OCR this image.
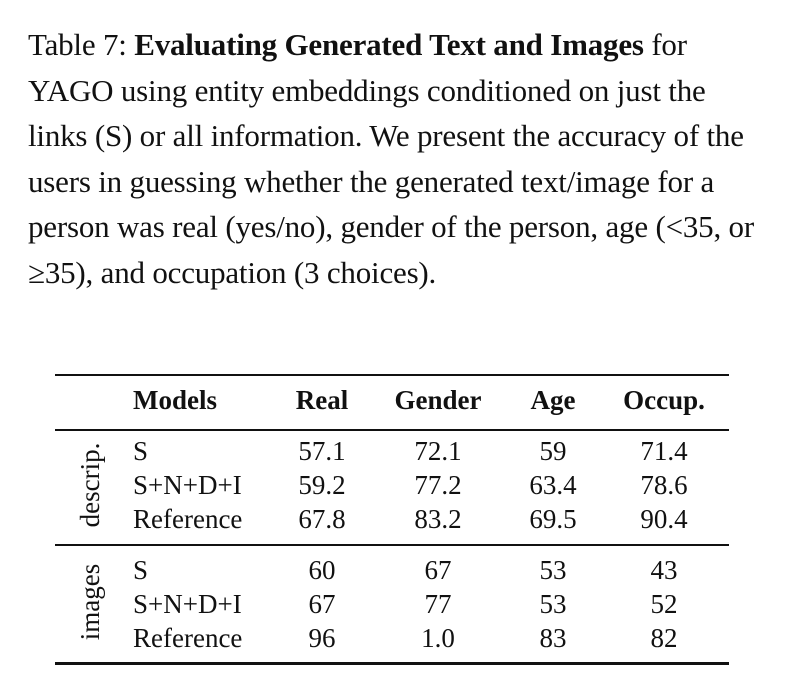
Table 7: Evaluating Generated Text and Images for YAGO using entity embeddings conditioned on just the links (S) or all information. We present the accuracy of the users in guessing whether the generated text/image for a person was real (yes/no), gender of the person, age (<35, or ≥35), and occupation (3 choices).
Models	Real Gender Age Occup.
descrip. S	57.1	72.1	59	71.4
S+N+D+I 59.2	77.2	63.4 78.6
Reference 67.8	83.2	69.5 90.4
images S	60	67	53	43
S+N+D+I 67	77	53	52
Reference 96	1.0	83	82
